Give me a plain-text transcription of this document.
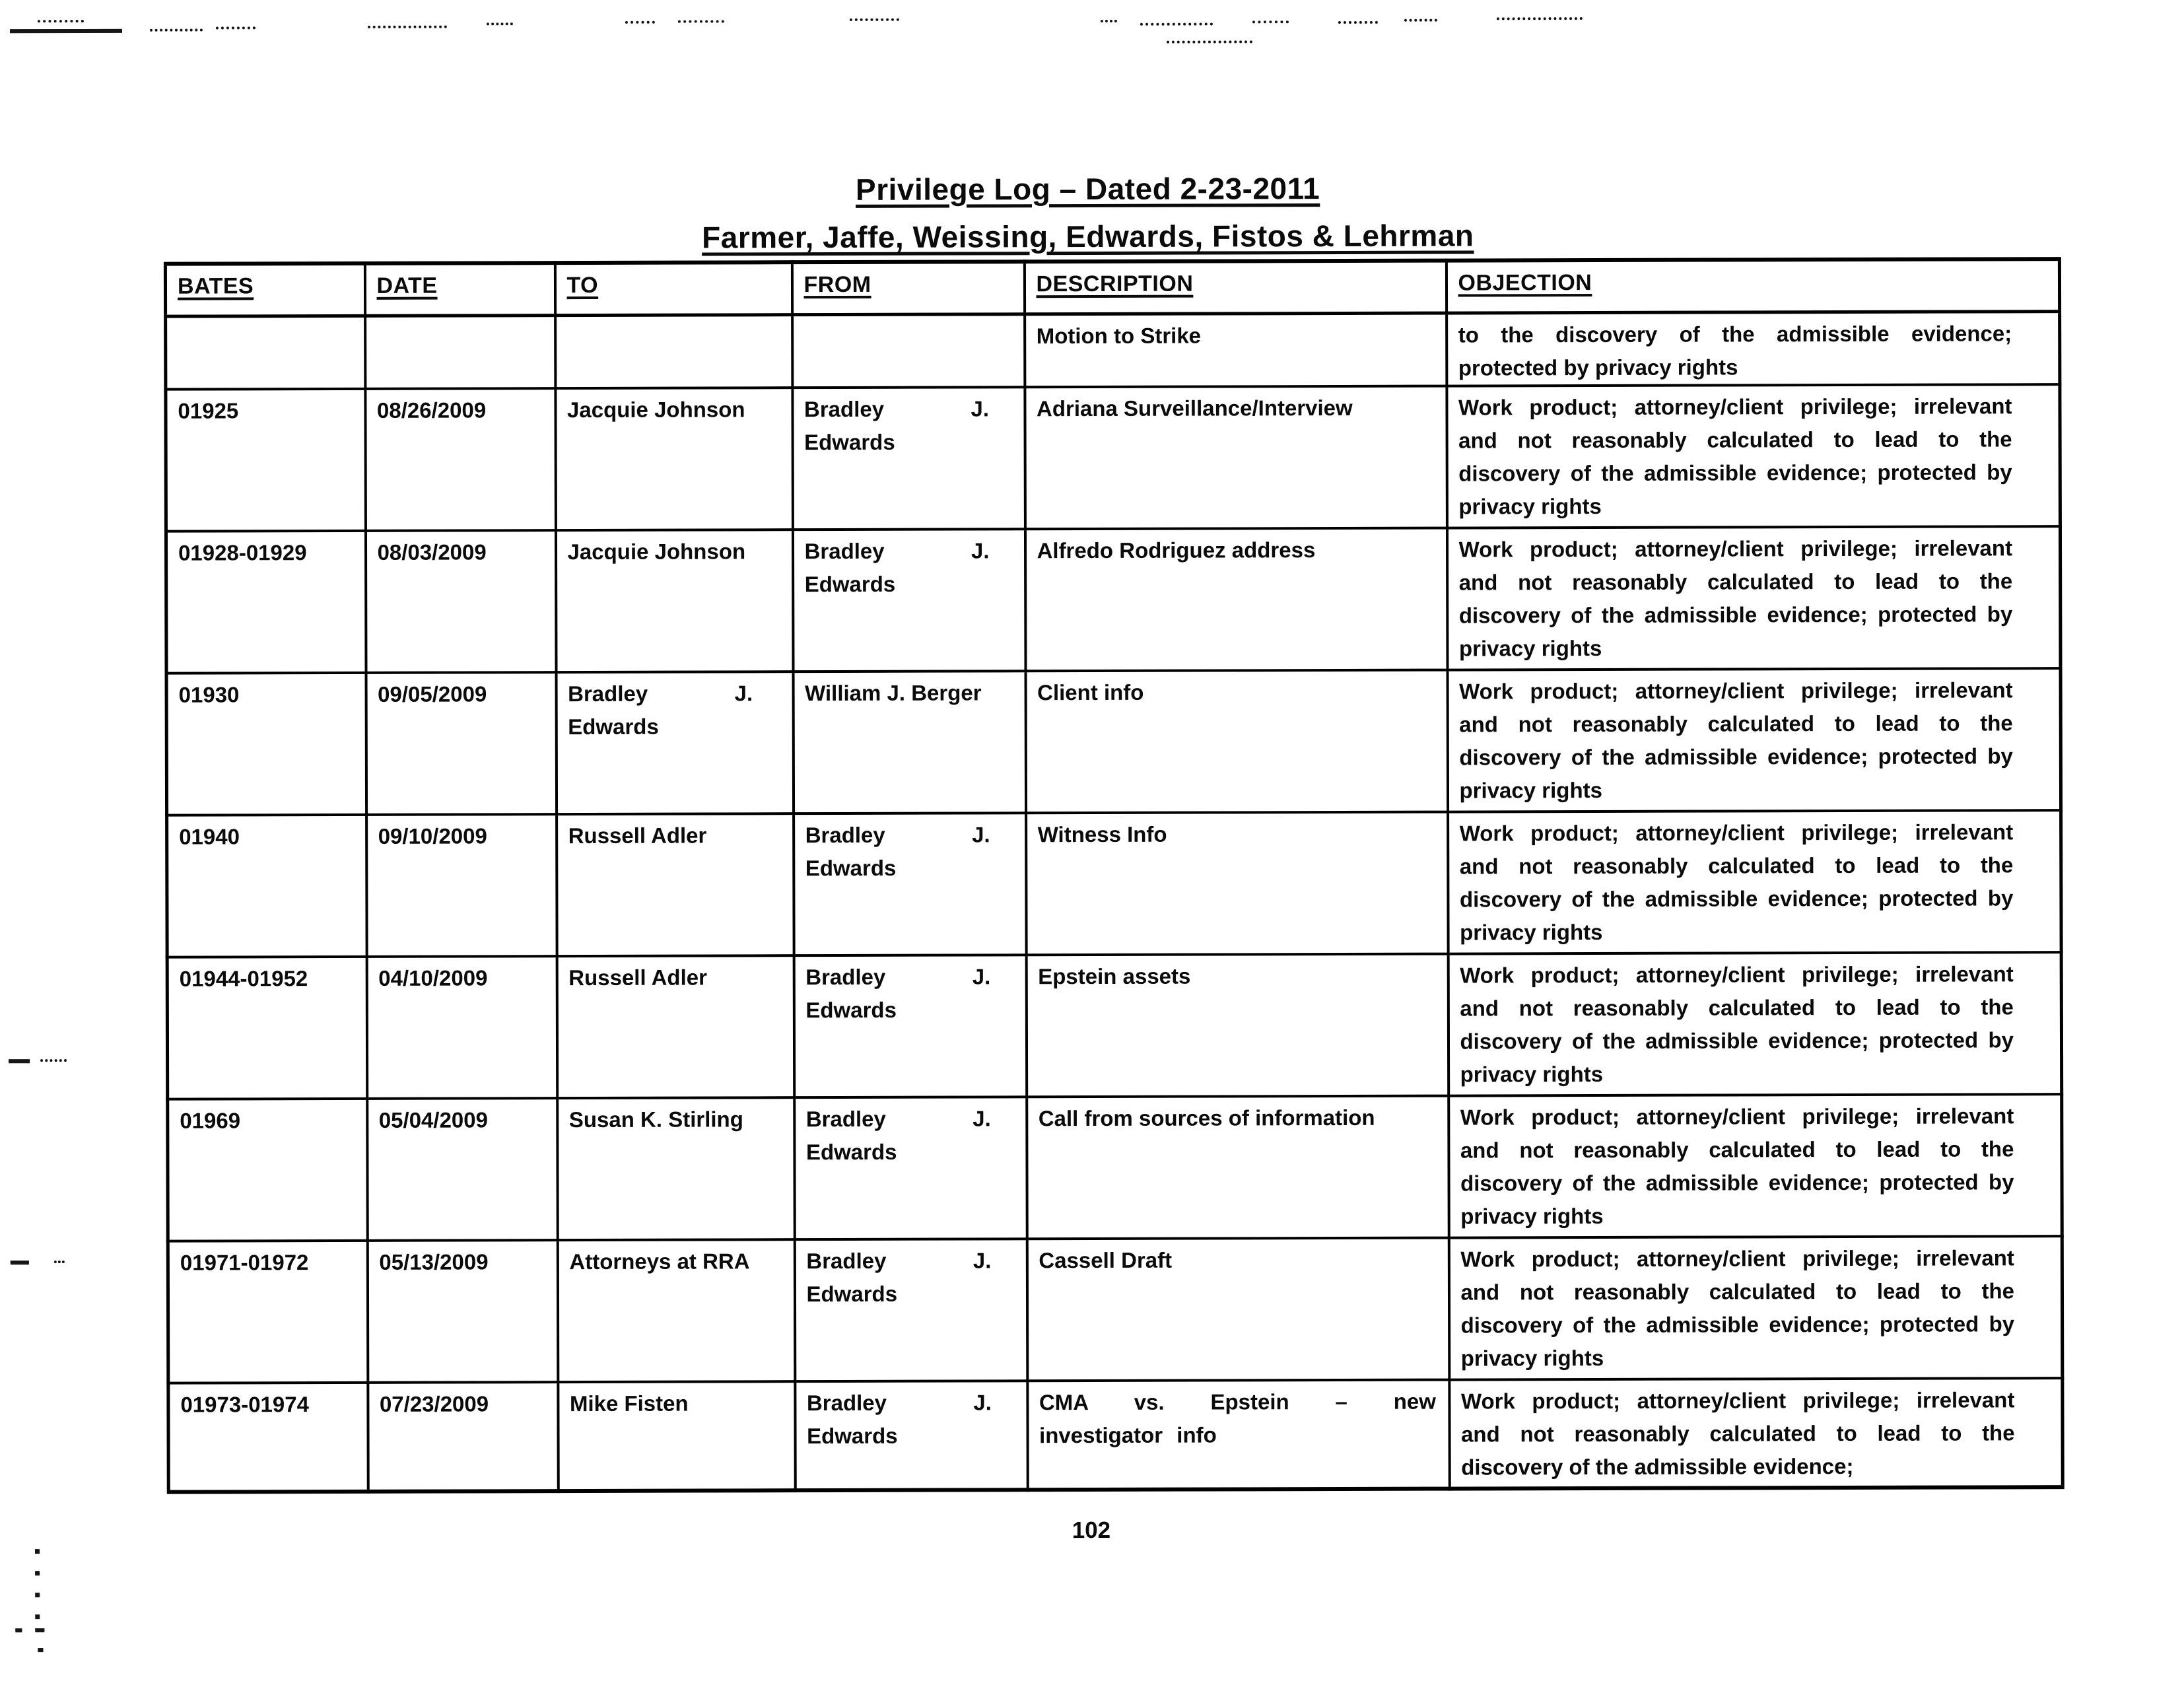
Privilege Log – Dated 2-23-2011
Farmer, Jaffe, Weissing, Edwards, Fistos & Lehrman
BATES	DATE	TO	FROM	DESCRIPTION	OBJECTION

				Motion to Strike	to the discovery of the admissible evidence; protected by privacy rights

01925	08/26/2009	Jacquie Johnson	Bradley J. Edwards	Adriana Surveillance/Interview	Work product; attorney/client privilege; irrelevant and not reasonably calculated to lead to the discovery of the admissible evidence; protected by privacy rights

01928-01929	08/03/2009	Jacquie Johnson	Bradley J. Edwards	Alfredo Rodriguez address	Work product; attorney/client privilege; irrelevant and not reasonably calculated to lead to the discovery of the admissible evidence; protected by privacy rights

01930	09/05/2009	Bradley J. Edwards	William J. Berger	Client info	Work product; attorney/client privilege; irrelevant and not reasonably calculated to lead to the discovery of the admissible evidence; protected by privacy rights

01940	09/10/2009	Russell Adler	Bradley J. Edwards	Witness Info	Work product; attorney/client privilege; irrelevant and not reasonably calculated to lead to the discovery of the admissible evidence; protected by privacy rights

01944-01952	04/10/2009	Russell Adler	Bradley J. Edwards	Epstein assets	Work product; attorney/client privilege; irrelevant and not reasonably calculated to lead to the discovery of the admissible evidence; protected by privacy rights

01969	05/04/2009	Susan K. Stirling	Bradley J. Edwards	Call from sources of information	Work product; attorney/client privilege; irrelevant and not reasonably calculated to lead to the discovery of the admissible evidence; protected by privacy rights

01971-01972	05/13/2009	Attorneys at RRA	Bradley J. Edwards	Cassell Draft	Work product; attorney/client privilege; irrelevant and not reasonably calculated to lead to the discovery of the admissible evidence; protected by privacy rights

01973-01974	07/23/2009	Mike Fisten	Bradley J. Edwards	CMA vs. Epstein – new investigator info	Work product; attorney/client privilege; irrelevant and not reasonably calculated to lead to the discovery of the admissible evidence;
102
